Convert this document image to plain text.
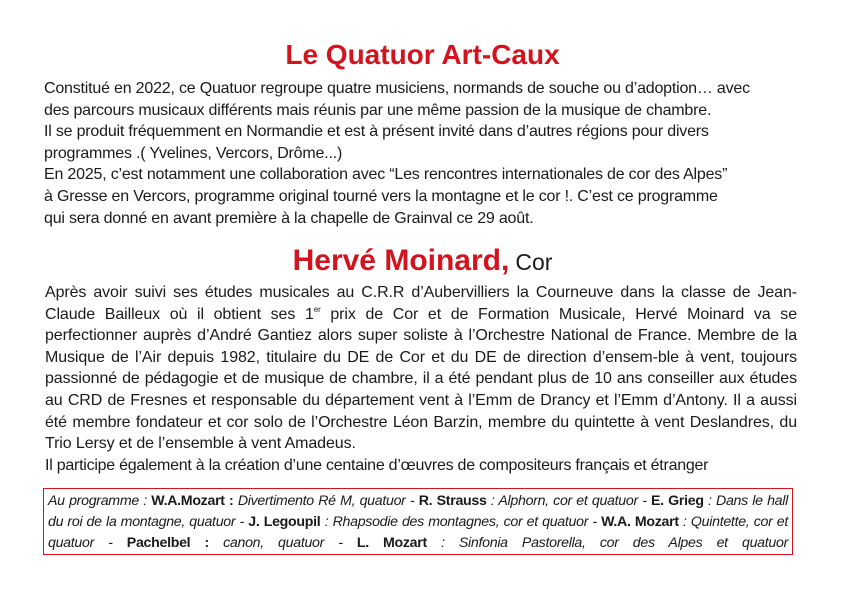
Le Quatuor Art-Caux
Constitué en 2022, ce Quatuor regroupe quatre musiciens, normands de souche ou d’adoption… avec
des parcours musicaux différents mais réunis par une même passion de la musique de chambre.
Il se produit fréquemment en Normandie et est à présent invité dans d’autres régions pour divers
programmes .( Yvelines, Vercors, Drôme...)
En 2025, c’est notamment une collaboration avec “Les rencontres internationales de cor des Alpes”
à Gresse en Vercors, programme original tourné vers la montagne et le cor !. C’est ce programme
qui sera donné en avant première à la chapelle de Grainval ce 29 août.
Hervé Moinard, Cor
Après avoir suivi ses études musicales au C.R.R d’Aubervilliers la Courneuve dans la classe de Jean-Claude Bailleux où il obtient ses 1er prix de Cor et de Formation Musicale, Hervé Moinard va se perfectionner auprès d’André Gantiez alors super soliste à l’Orchestre National de France. Membre de la Musique de l’Air depuis 1982, titulaire du DE de Cor et du DE de direction d’ensem-ble à vent, toujours passionné de pédagogie et de musique de chambre, il a été pendant plus de 10 ans conseiller aux études au CRD de Fresnes et responsable du département vent à l’Emm de Drancy et l’Emm d’Antony. Il a aussi été membre fondateur et cor solo de l’Orchestre Léon Barzin, membre du quintette à vent Deslandres, du Trio Lersy et de l’ensemble à vent Amadeus.
Il participe également à la création d’une centaine d’œuvres de compositeurs français et étranger
Au programme : W.A.Mozart : Divertimento Ré M, quatuor - R. Strauss : Alphorn, cor et quatuor - E. Grieg : Dans le hall du roi de la montagne, quatuor - J. Legoupil : Rhapsodie des montagnes, cor et quatuor - W.A. Mozart : Quintette, cor et quatuor - Pachelbel : canon, quatuor - L. Mozart : Sinfonia Pastorella, cor des Alpes et quatuor
